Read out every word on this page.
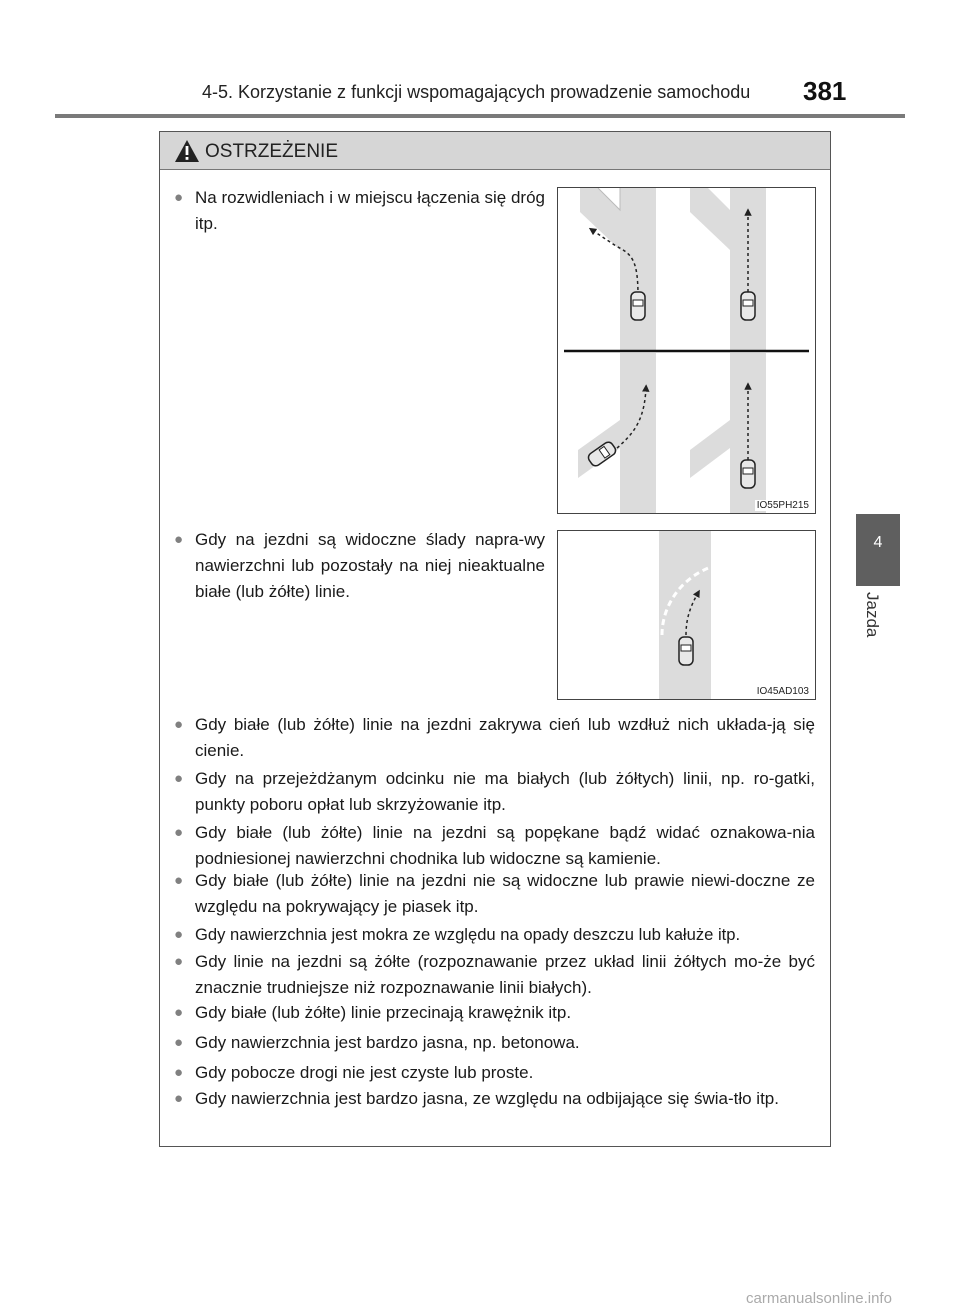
4-5. Korzystanie z funkcji wspomagających prowadzenie samochodu 381
4
Jazda
OSTRZEŻENIE
IO55PH215
IO45AD103
● Na rozwidleniach i w miejscu łączenia się dróg itp.
● Gdy na jezdni są widoczne ślady napra-wy nawierzchni lub pozostały na niej nieaktualne białe (lub żółte) linie.
● Gdy białe (lub żółte) linie na jezdni zakrywa cień lub wzdłuż nich układa-ją się cienie.
● Gdy na przejeżdżanym odcinku nie ma białych (lub żółtych) linii, np. ro-gatki, punkty poboru opłat lub skrzyżowanie itp.
● Gdy białe (lub żółte) linie na jezdni są popękane bądź widać oznakowa-nia podniesionej nawierzchni chodnika lub widoczne są kamienie.
● Gdy białe (lub żółte) linie na jezdni nie są widoczne lub prawie niewi-doczne ze względu na pokrywający je piasek itp.
● Gdy nawierzchnia jest mokra ze względu na opady deszczu lub kałuże itp.
● Gdy linie na jezdni są żółte (rozpoznawanie przez układ linii żółtych mo-że być znacznie trudniejsze niż rozpoznawanie linii białych).
● Gdy białe (lub żółte) linie przecinają krawężnik itp.
● Gdy nawierzchnia jest bardzo jasna, np. betonowa.
● Gdy pobocze drogi nie jest czyste lub proste.
● Gdy nawierzchnia jest bardzo jasna, ze względu na odbijające się świa-tło itp.
carmanualsonline.info
